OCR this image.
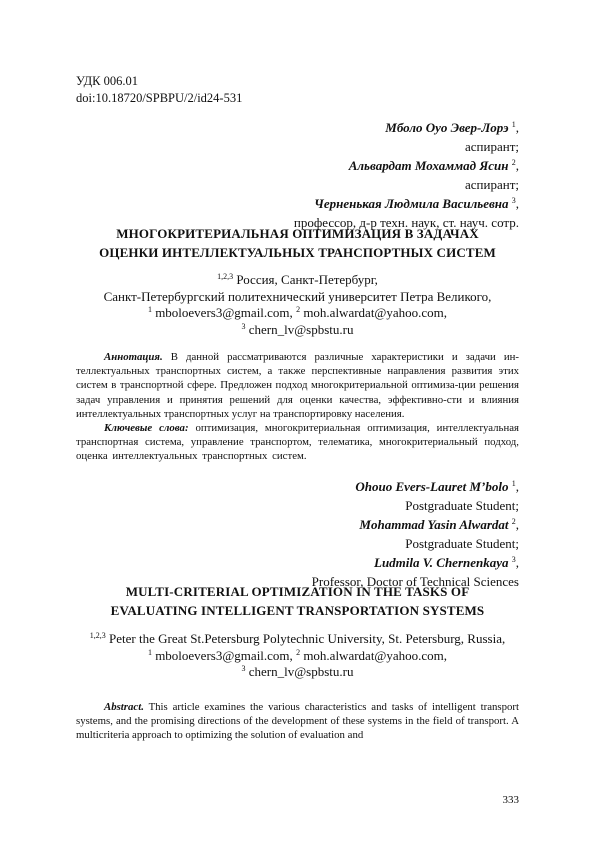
УДК 006.01
doi:10.18720/SPBPU/2/id24-531
Мболо Оуо Эвер-Лорэ $^1$,
аспирант;
Альвардат Мохаммад Ясин $^2$,
аспирант;
Черненькая Людмила Васильевна $^3$,
профессор, д-р техн. наук, ст. науч. сотр.
МНОГОКРИТЕРИАЛЬНАЯ ОПТИМИЗАЦИЯ В ЗАДАЧАХ
ОЦЕНКИ ИНТЕЛЛЕКТУАЛЬНЫХ ТРАНСПОРТНЫХ СИСТЕМ
$^{1,2,3}$ Россия, Санкт-Петербург,
Санкт-Петербургский политехнический университет Петра Великого,
$^1$ mboloevers3@gmail.com, $^2$ moh.alwardat@yahoo.com,
$^3$ chern_lv@spbstu.ru
Аннотация. В данной рассматриваются различные характеристики и задачи ин-теллектуальных транспортных систем, а также перспективные направления развития этих систем в транспортной сфере. Предложен подход многокритериальной оптимиза-ции решения задач управления и принятия решений для оценки качества, эффективно-сти и влияния интеллектуальных транспортных услуг на транспортировку населения.
Ключевые слова: оптимизация, многокритериальная оптимизация, интеллектуальная транспортная система, управление транспортом, телематика, многокритериальный подход, оценка интеллектуальных транспортных систем.
Ohouo Evers-Lauret M’bolo $^1$,
Postgraduate Student;
Mohammad Yasin Alwardat $^2$,
Postgraduate Student;
Ludmila V. Chernenkaya $^3$,
Professor, Doctor of Technical Sciences
MULTI-CRITERIAL OPTIMIZATION IN THE TASKS OF
EVALUATING INTELLIGENT TRANSPORTATION SYSTEMS
$^{1,2,3}$ Peter the Great St.Petersburg Polytechnic University, St. Petersburg, Russia,
$^1$ mboloevers3@gmail.com, $^2$ moh.alwardat@yahoo.com,
$^3$ chern_lv@spbstu.ru
Abstract. This article examines the various characteristics and tasks of intelligent transport systems, and the promising directions of the development of these systems in the field of transport. A multicriteria approach to optimizing the solution of evaluation and
333
